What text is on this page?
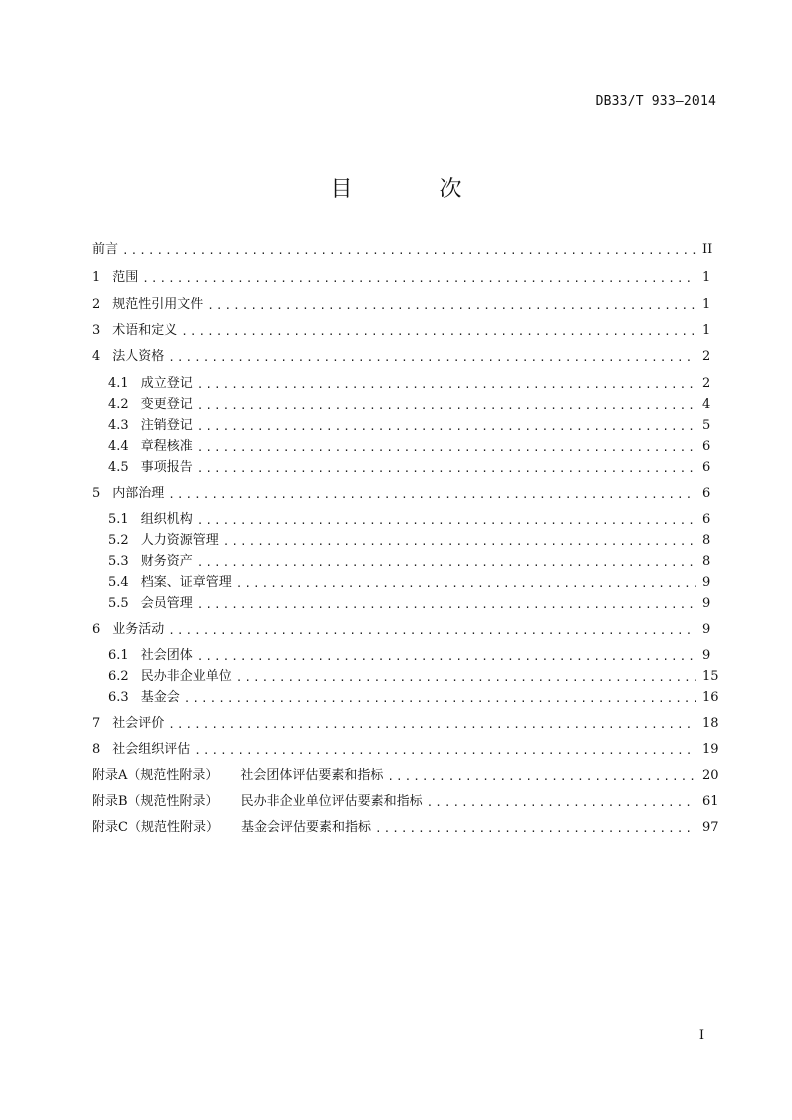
DB33/T 933—2014
目 次
前言 .....	II
1 范围 .....	1
2 规范性引用文件 .....	1
3 术语和定义 .....	1
4 法人资格 .....	2
4.1 成立登记 .....	2
4.2 变更登记 .....	4
4.3 注销登记 .....	5
4.4 章程核准 .....	6
4.5 事项报告 .....	6
5 内部治理 .....	6
5.1 组织机构 .....	6
5.2 人力资源管理 .....	8
5.3 财务资产 .....	8
5.4 档案、证章管理 .....	9
5.5 会员管理 .....	9
6 业务活动 .....	9
6.1 社会团体 .....	9
6.2 民办非企业单位 .....	15
6.3 基金会 .....	16
7 社会评价 .....	18
8 社会组织评估 .....	19
附录A（规范性附录） 社会团体评估要素和指标 .....	20
附录B（规范性附录） 民办非企业单位评估要素和指标 .....	61
附录C（规范性附录） 基金会评估要素和指标 .....	97
I
